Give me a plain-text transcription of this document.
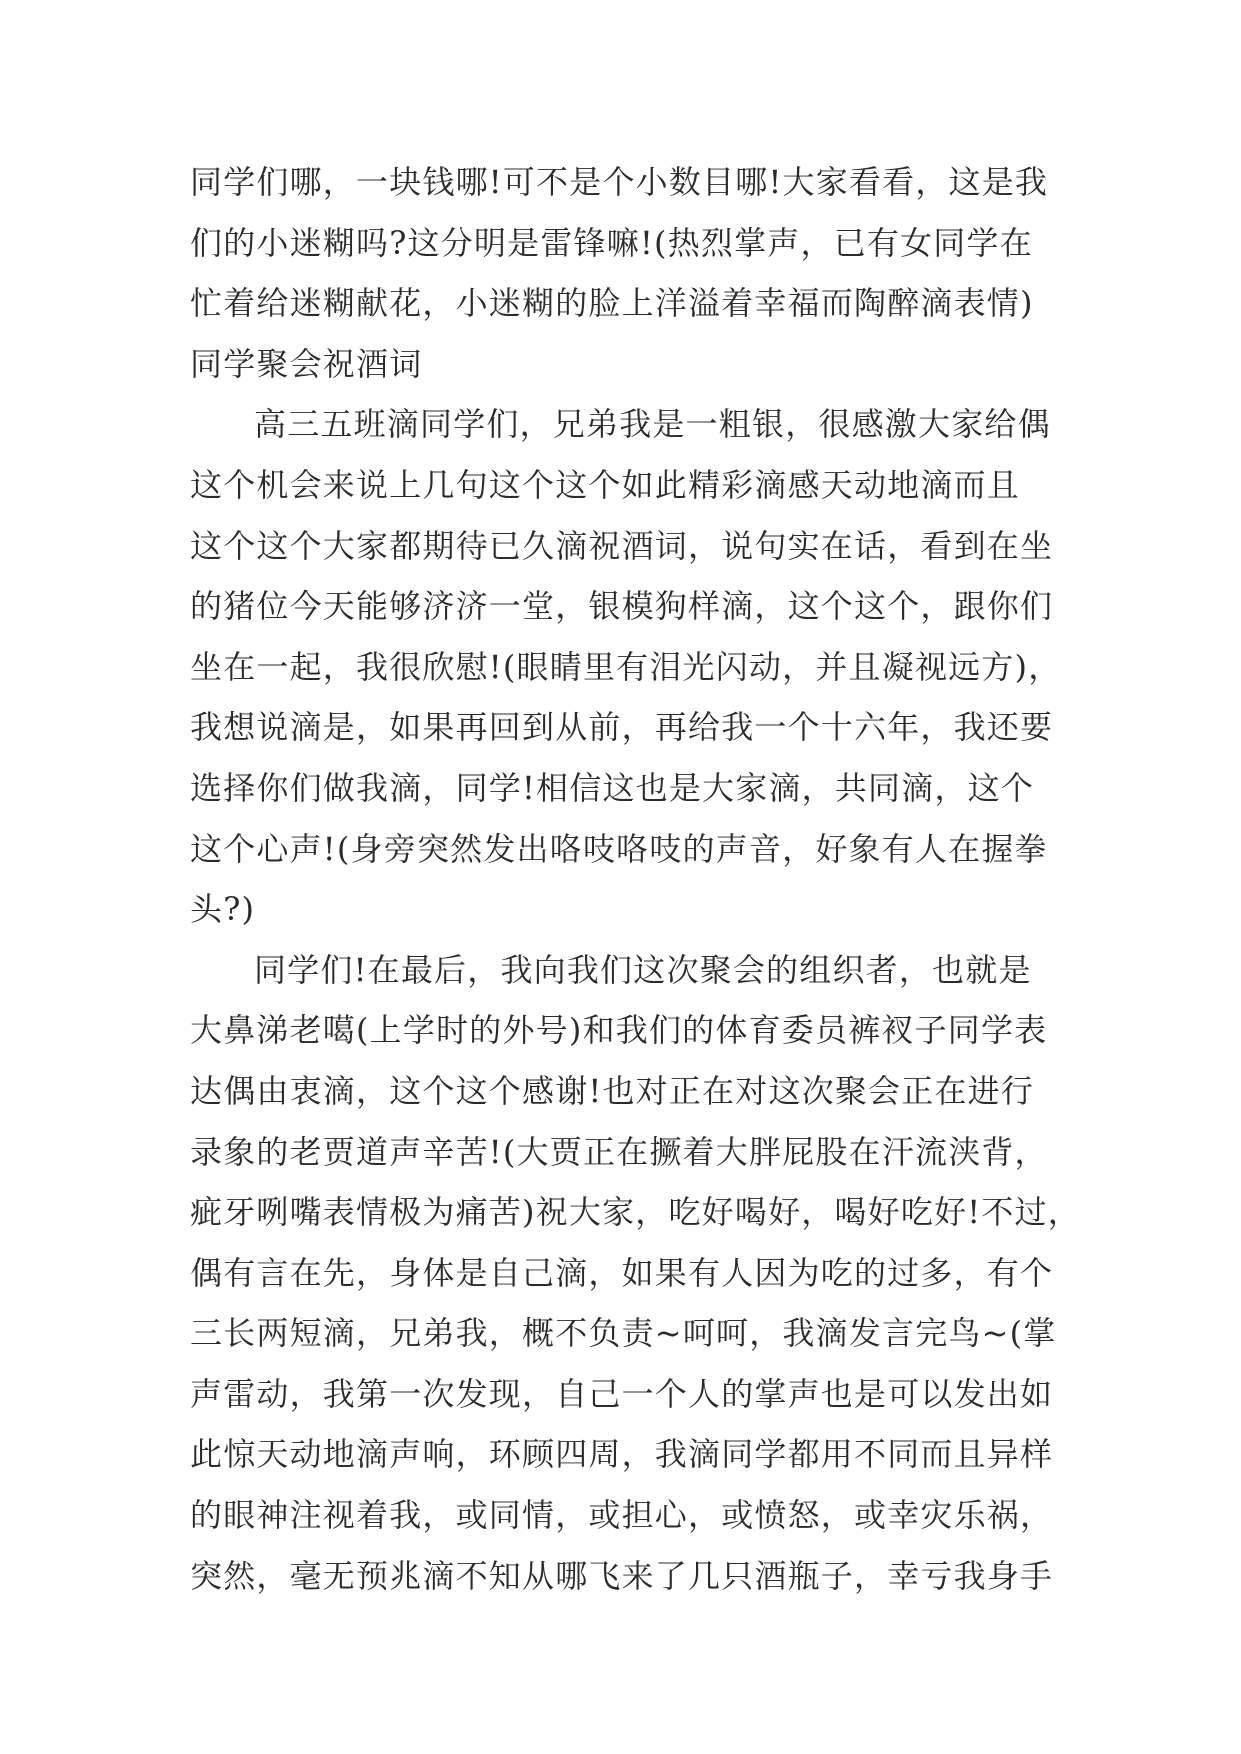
同学们哪，一块钱哪!可不是个小数目哪!大家看看，这是我
们的小迷糊吗?这分明是雷锋嘛!(热烈掌声，已有女同学在
忙着给迷糊献花，小迷糊的脸上洋溢着幸福而陶醉滴表情)
同学聚会祝酒词
高三五班滴同学们，兄弟我是一粗银，很感激大家给偶
这个机会来说上几句这个这个如此精彩滴感天动地滴而且
这个这个大家都期待已久滴祝酒词，说句实在话，看到在坐
的猪位今天能够济济一堂，银模狗样滴，这个这个，跟你们
坐在一起，我很欣慰!(眼睛里有泪光闪动，并且凝视远方)，
我想说滴是，如果再回到从前，再给我一个十六年，我还要
选择你们做我滴，同学!相信这也是大家滴，共同滴，这个
这个心声!(身旁突然发出咯吱咯吱的声音，好象有人在握拳
头?)
同学们!在最后，我向我们这次聚会的组织者，也就是
大鼻涕老噶(上学时的外号)和我们的体育委员裤衩子同学表
达偶由衷滴，这个这个感谢!也对正在对这次聚会正在进行
录象的老贾道声辛苦!(大贾正在撅着大胖屁股在汗流浃背，
疵牙咧嘴表情极为痛苦)祝大家，吃好喝好，喝好吃好!不过，
偶有言在先，身体是自己滴，如果有人因为吃的过多，有个
三长两短滴，兄弟我，概不负责~呵呵，我滴发言完鸟~(掌
声雷动，我第一次发现，自己一个人的掌声也是可以发出如
此惊天动地滴声响，环顾四周，我滴同学都用不同而且异样
的眼神注视着我，或同情，或担心，或愤怒，或幸灾乐祸，
突然，毫无预兆滴不知从哪飞来了几只酒瓶子，幸亏我身手
